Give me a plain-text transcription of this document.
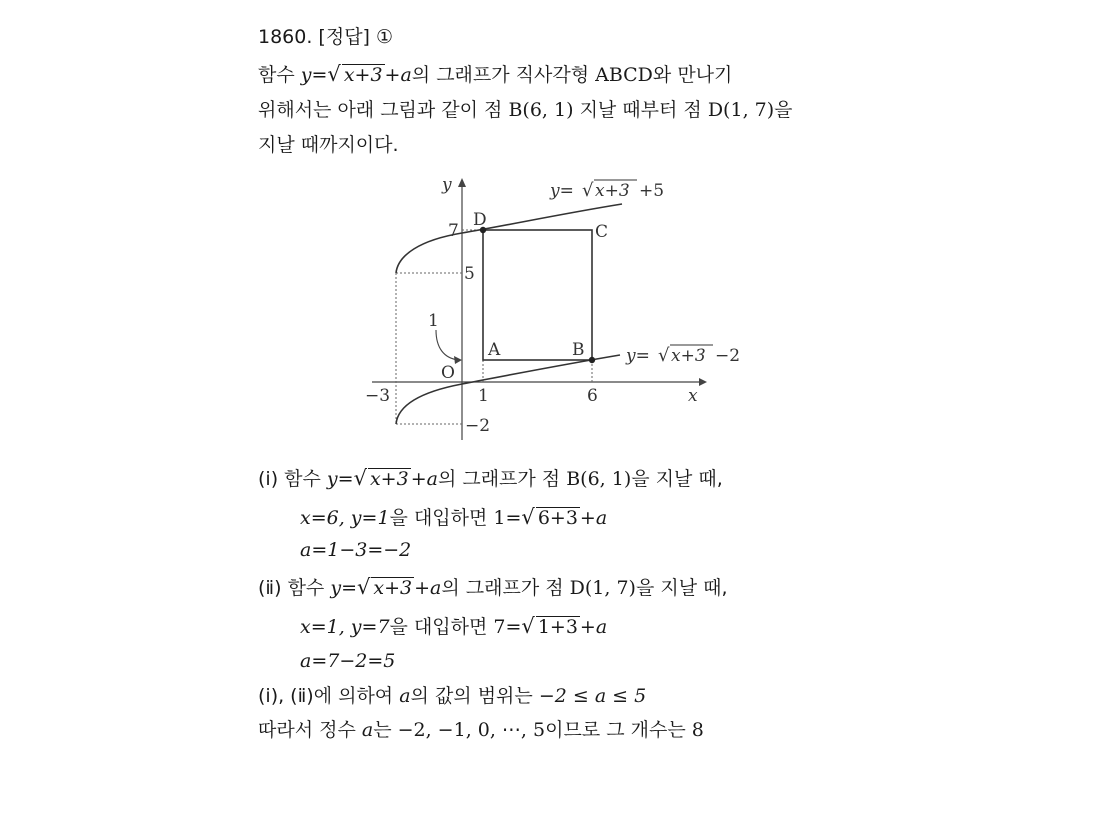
1860. [정답] ①
함수 y=√ x+3 +a의 그래프가 직사각형 ABCD와 만나기
위해서는 아래 그림과 같이 점 B(6, 1) 지날 때부터 점 D(1, 7)을
지날 때까지이다.
y
x
O
D
C
A	B
7
5
1
−3	1	6
−2
y= √ x+3 +5
y= √ x+3 −2
(ⅰ) 함수 y=√ x+3 +a의 그래프가 점 B(6, 1)을 지날 때,
x=6, y=1을 대입하면 1=√ 6+3 +a
a=1−3=−2
(ⅱ) 함수 y=√ x+3 +a의 그래프가 점 D(1, 7)을 지날 때,
x=1, y=7을 대입하면 7=√ 1+3 +a
a=7−2=5
(ⅰ), (ⅱ)에 의하여 a의 값의 범위는 −2 ≤ a ≤ 5
따라서 정수 a는 −2, −1, 0, ⋯, 5이므로 그 개수는 8
